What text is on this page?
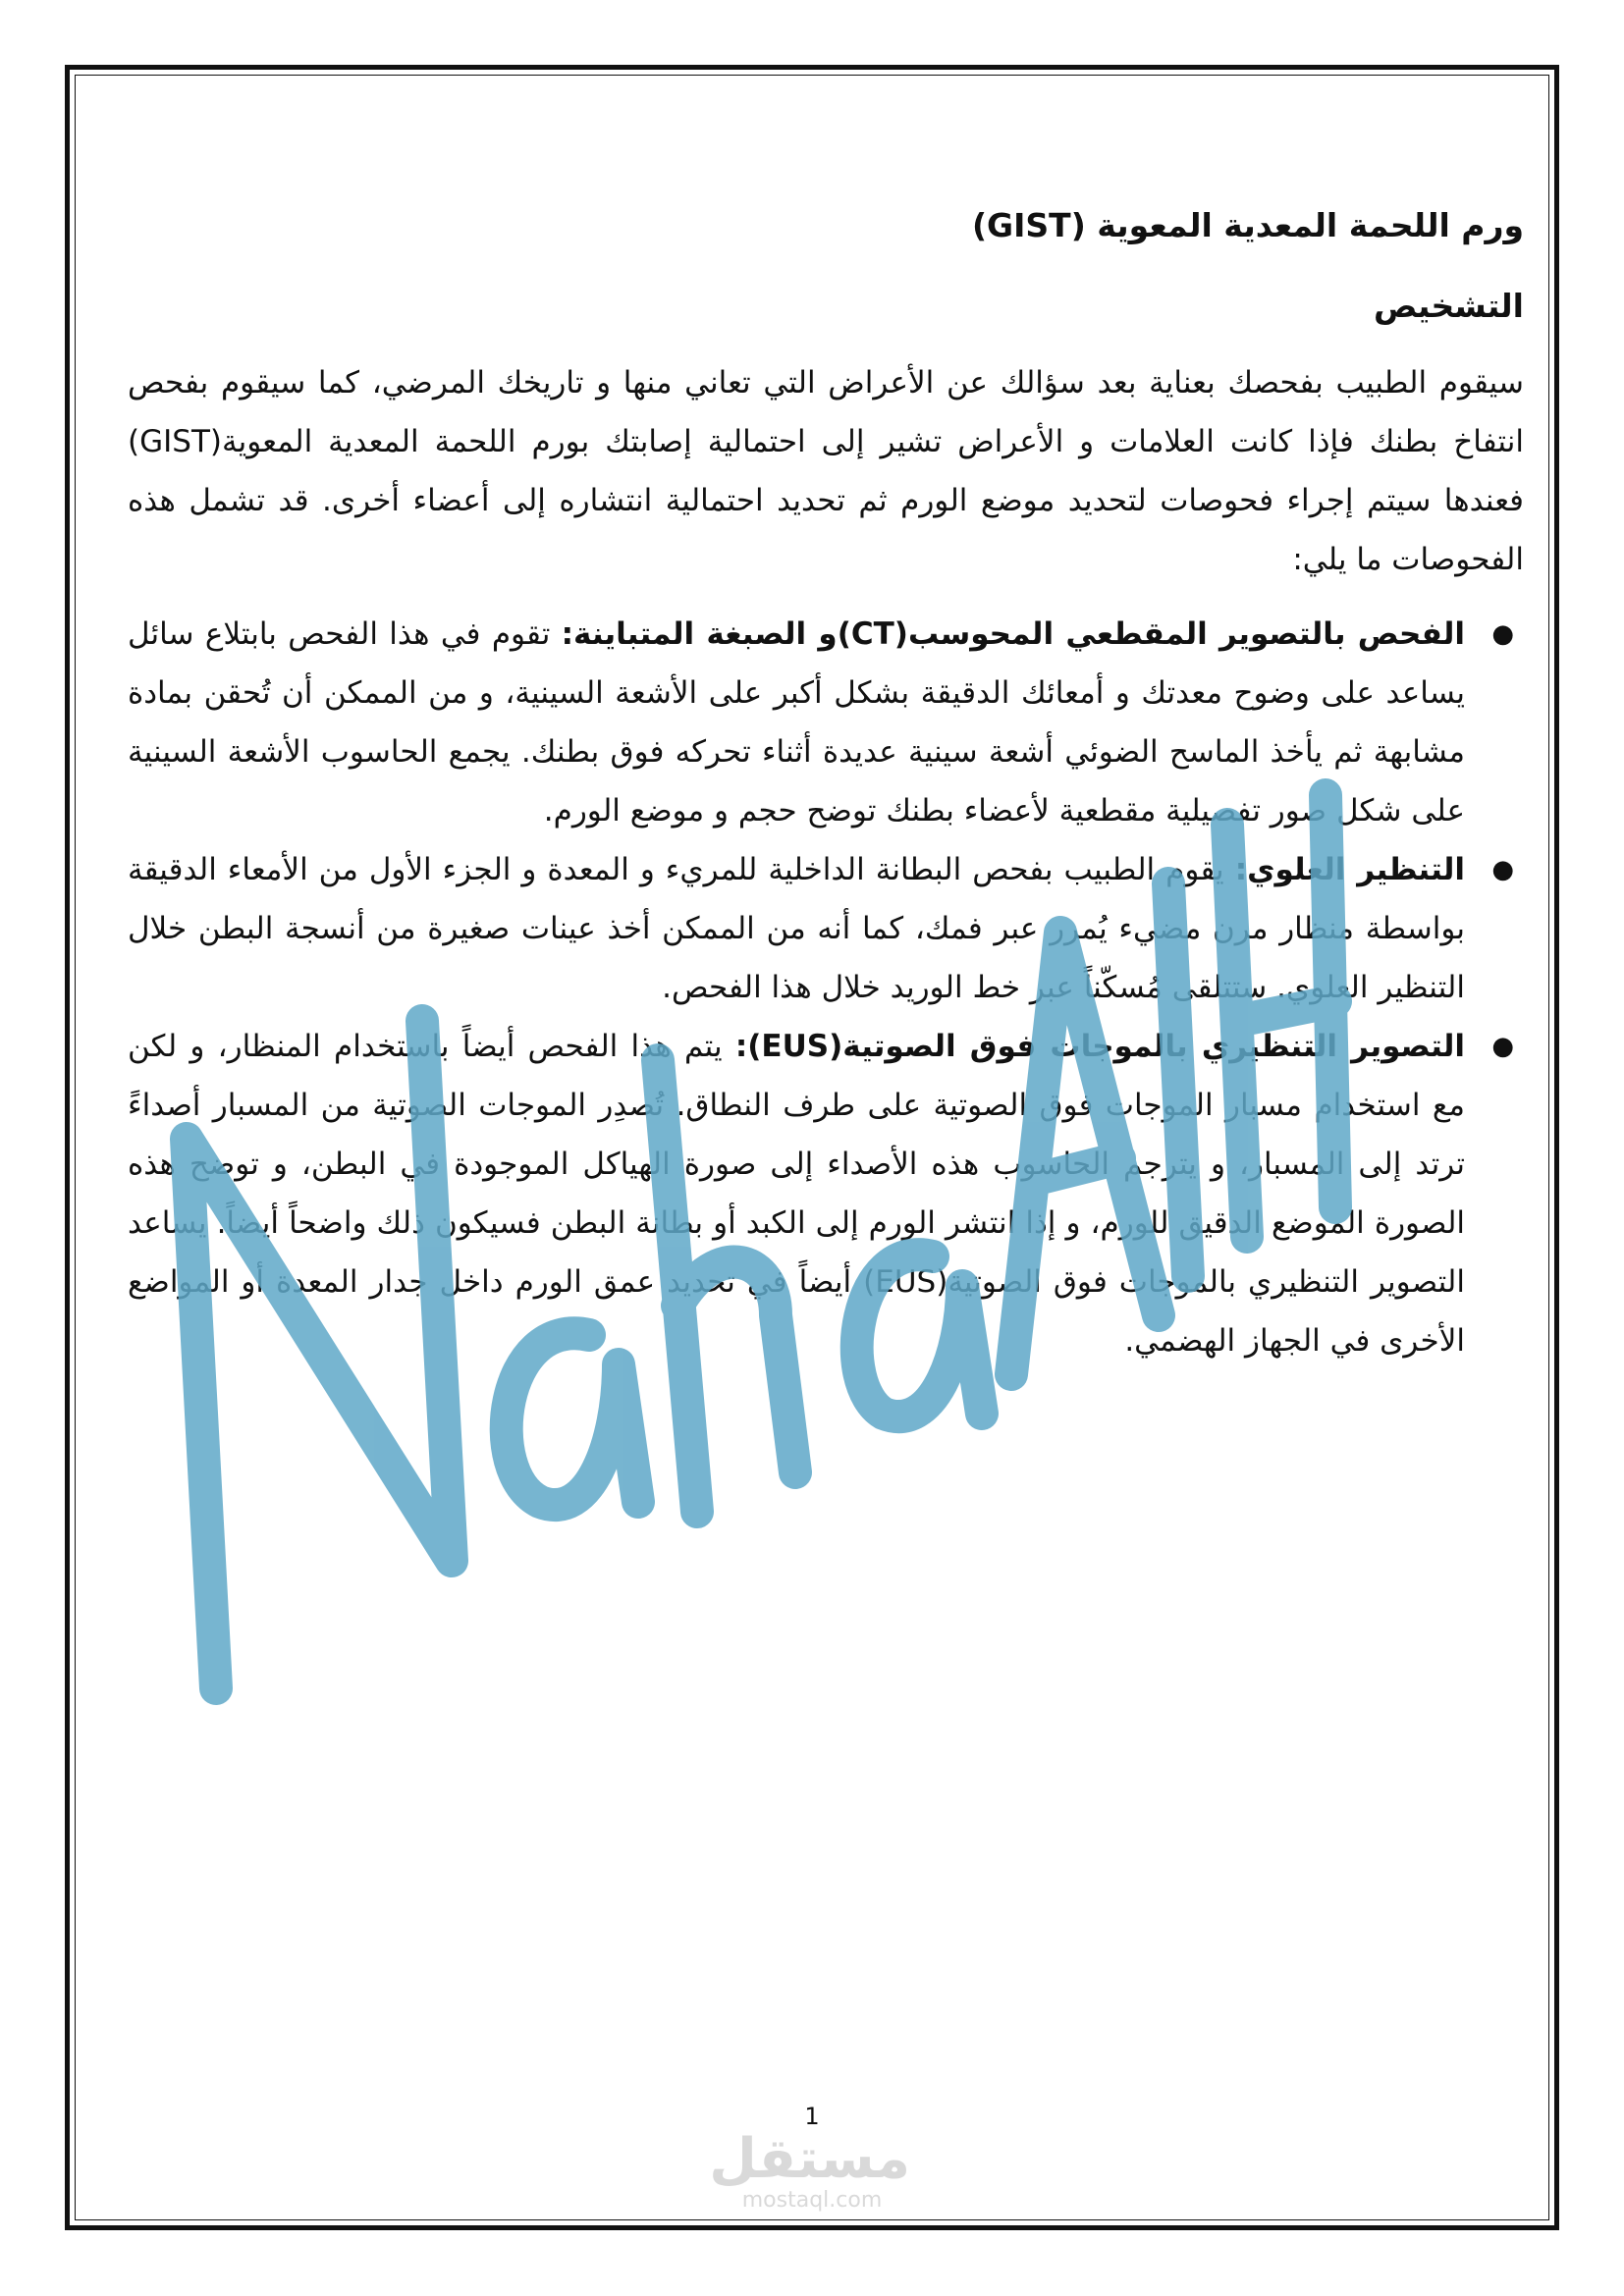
ورم اللحمة المعدية المعوية (GIST)

التشخيص

سيقوم الطبيب بفحصك بعناية بعد سؤالك عن الأعراض التي تعاني منها و تاريخك المرضي، كما سيقوم بفحص انتفاخ بطنك فإذا كانت العلامات و الأعراض تشير إلى احتمالية إصابتك بورم اللحمة المعدية المعوية(GIST) فعندها سيتم إجراء فحوصات لتحديد موضع الورم ثم تحديد احتمالية انتشاره إلى أعضاء أخرى. قد تشمل هذه الفحوصات ما يلي:

●
الفحص بالتصوير المقطعي المحوسب(CT)و الصبغة المتباينة: تقوم في هذا الفحص بابتلاع سائل يساعد على وضوح معدتك و أمعائك الدقيقة بشكل أكبر على الأشعة السينية، و من الممكن أن تُحقن بمادة مشابهة ثم يأخذ الماسح الضوئي أشعة سينية عديدة أثناء تحركه فوق بطنك. يجمع الحاسوب الأشعة السينية على شكل صور تفصيلية مقطعية لأعضاء بطنك توضح حجم و موضع الورم.
●
التنظير العلوي: يقوم الطبيب بفحص البطانة الداخلية للمريء و المعدة و الجزء الأول من الأمعاء الدقيقة بواسطة منظار مرن مضيء يُمرر عبر فمك، كما أنه من الممكن أخذ عينات صغيرة من أنسجة البطن خلال التنظير العلوي. ستتلقى مُسكّناً عبر خط الوريد خلال هذا الفحص.
●
التصوير التنظيري بالموجات فوق الصوتية(EUS): يتم هذا الفحص أيضاً باستخدام المنظار، و لكن مع استخدام مسبار الموجات فوق الصوتية على طرف النطاق. تُصدِر الموجات الصوتية من المسبار أصداءً ترتد إلى المسبار، و يترجم الحاسوب هذه الأصداء إلى صورة الهياكل الموجودة في البطن، و توضح هذه الصورة الموضع الدقيق للورم، و إذا انتشر الورم إلى الكبد أو بطانة البطن فسيكون ذلك واضحاً أيضاً. يساعد التصوير التنظيري بالموجات فوق الصوتية(EUS) أيضاً في تحديد عمق الورم داخل جدار المعدة أو المواضع الأخرى في الجهاز الهضمي.
Maha Al Hallaq
1
مستقل
mostaql.com
